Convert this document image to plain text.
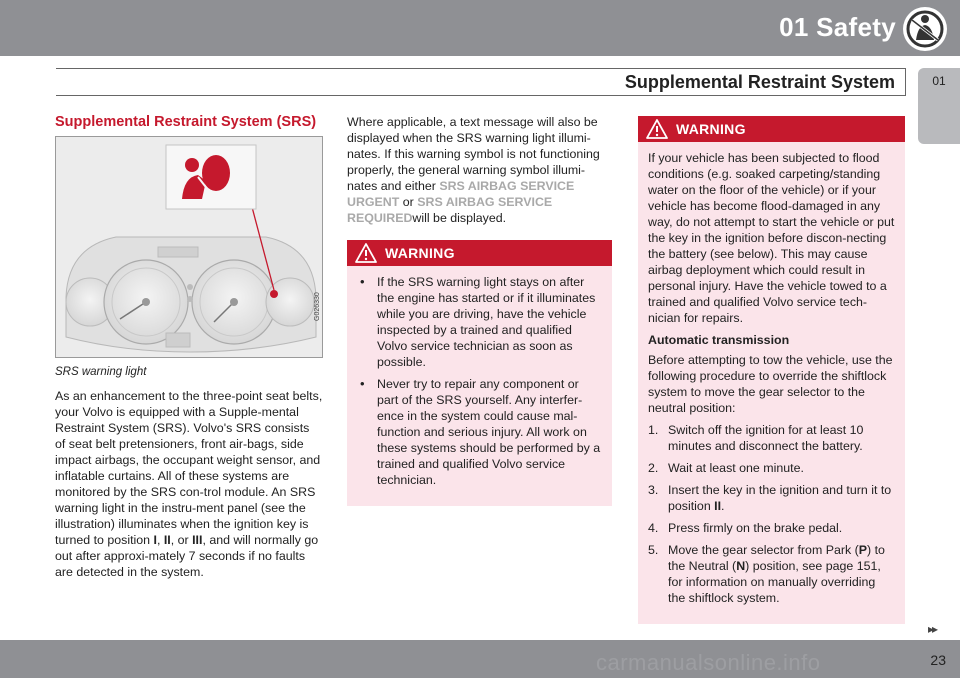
01 Safety
Supplemental Restraint System	01
Supplemental Restraint System (SRS)
G026330
SRS warning light

As an enhancement to the three-point seat belts, your Volvo is equipped with a Supple-mental Restraint System (SRS). Volvo's SRS consists of seat belt pretensioners, front air-bags, side impact airbags, the occupant weight sensor, and inflatable curtains. All of these systems are monitored by the SRS con-trol module. An SRS warning light in the instru-ment panel (see the illustration) illuminates when the ignition key is turned to position I, II, or III, and will normally go out after approxi-mately 7 seconds if no faults are detected in the system.

Where applicable, a text message will also be displayed when the SRS warning light illumi-nates. If this warning symbol is not functioning properly, the general warning symbol illumi-nates and either SRS AIRBAG SERVICE URGENT or SRS AIRBAG SERVICE REQUIREDwill be displayed.

WARNING
• If the SRS warning light stays on after the engine has started or if it illuminates while you are driving, have the vehicle inspected by a trained and qualified Volvo service technician as soon as possible.
• Never try to repair any component or part of the SRS yourself. Any interfer-ence in the system could cause mal-function and serious injury. All work on these systems should be performed by a trained and qualified Volvo service technician.
WARNING

If your vehicle has been subjected to flood conditions (e.g. soaked carpeting/standing water on the floor of the vehicle) or if your vehicle has become flood-damaged in any way, do not attempt to start the vehicle or put the key in the ignition before discon-necting the battery (see below). This may cause airbag deployment which could result in personal injury. Have the vehicle towed to a trained and qualified Volvo service tech-nician for repairs.

Automatic transmission

Before attempting to tow the vehicle, use the following procedure to override the shiftlock system to move the gear selector to the neutral position:

1. Switch off the ignition for at least 10 minutes and disconnect the battery.
2. Wait at least one minute.
3. Insert the key in the ignition and turn it to position II.
4. Press firmly on the brake pedal.
5. Move the gear selector from Park (P) to the Neutral (N) position, see page 151, for information on manually overriding the shiftlock system.
▸▸
23
carmanualsonline.info
